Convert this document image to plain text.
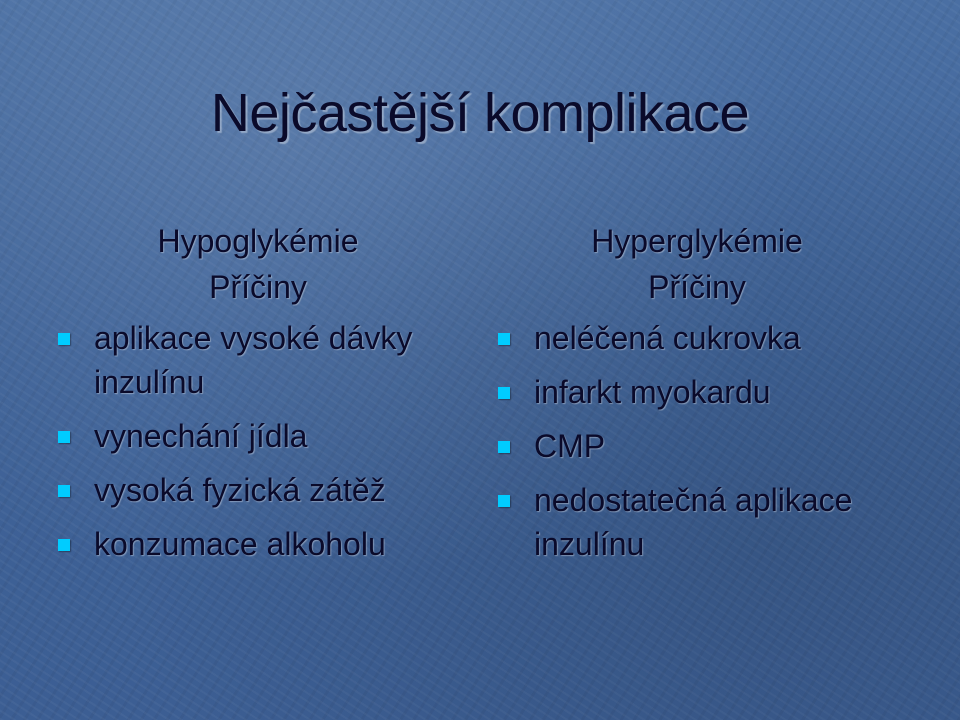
Nejčastější komplikace
Hypoglykémie
Příčiny
aplikace vysoké dávky inzulínu
vynechání jídla
vysoká fyzická zátěž
konzumace alkoholu
Hyperglykémie
Příčiny
neléčená cukrovka
infarkt myokardu
CMP
nedostatečná aplikace inzulínu
